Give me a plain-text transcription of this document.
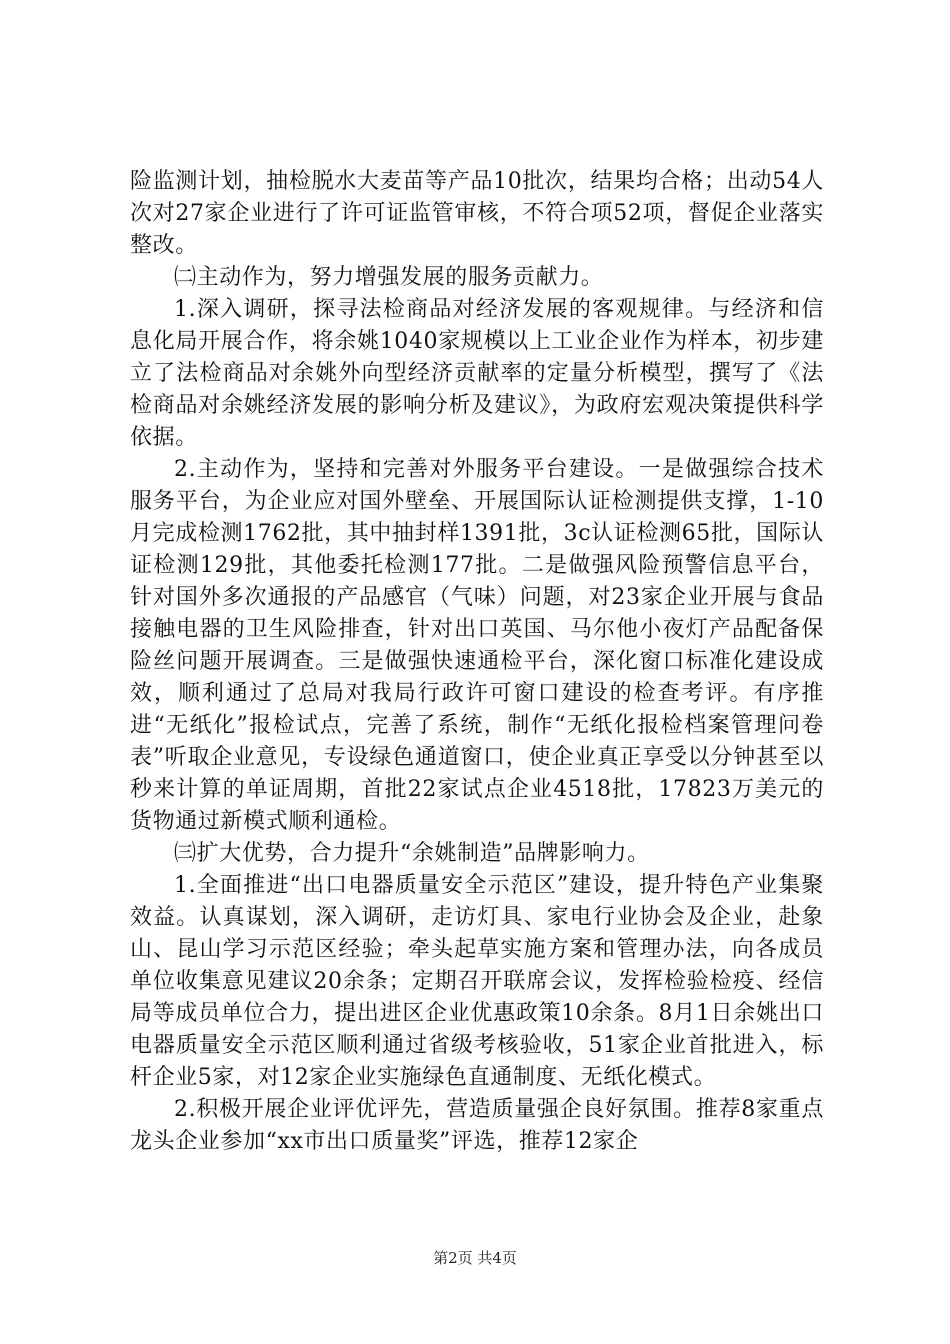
险监测计划，抽检脱水大麦苗等产品10批次，结果均合格；出动54人次对27家企业进行了许可证监管审核，不符合项52项，督促企业落实整改。

㈡主动作为，努力增强发展的服务贡献力。

1.深入调研，探寻法检商品对经济发展的客观规律。与经济和信息化局开展合作，将余姚1040家规模以上工业企业作为样本，初步建立了法检商品对余姚外向型经济贡献率的定量分析模型，撰写了《法检商品对余姚经济发展的影响分析及建议》，为政府宏观决策提供科学依据。

2.主动作为，坚持和完善对外服务平台建设。一是做强综合技术服务平台，为企业应对国外壁垒、开展国际认证检测提供支撑，1-10月完成检测1762批，其中抽封样1391批，3c认证检测65批，国际认证检测129批，其他委托检测177批。二是做强风险预警信息平台，针对国外多次通报的产品感官（气味）问题，对23家企业开展与食品接触电器的卫生风险排查，针对出口英国、马尔他小夜灯产品配备保险丝问题开展调查。三是做强快速通检平台，深化窗口标准化建设成效，顺利通过了总局对我局行政许可窗口建设的检查考评。有序推进“无纸化”报检试点，完善了系统，制作“无纸化报检档案管理问卷表”听取企业意见，专设绿色通道窗口，使企业真正享受以分钟甚至以秒来计算的单证周期，首批22家试点企业4518批，17823万美元的货物通过新模式顺利通检。

㈢扩大优势，合力提升“余姚制造”品牌影响力。

1.全面推进“出口电器质量安全示范区”建设，提升特色产业集聚效益。认真谋划，深入调研，走访灯具、家电行业协会及企业，赴象山、昆山学习示范区经验；牵头起草实施方案和管理办法，向各成员单位收集意见建议20余条；定期召开联席会议，发挥检验检疫、经信局等成员单位合力，提出进区企业优惠政策10余条。8月1日余姚出口电器质量安全示范区顺利通过省级考核验收，51家企业首批进入，标杆企业5家，对12家企业实施绿色直通制度、无纸化模式。

2.积极开展企业评优评先，营造质量强企良好氛围。推荐8家重点龙头企业参加“xx市出口质量奖”评选，推荐12家企

第2页 共4页
